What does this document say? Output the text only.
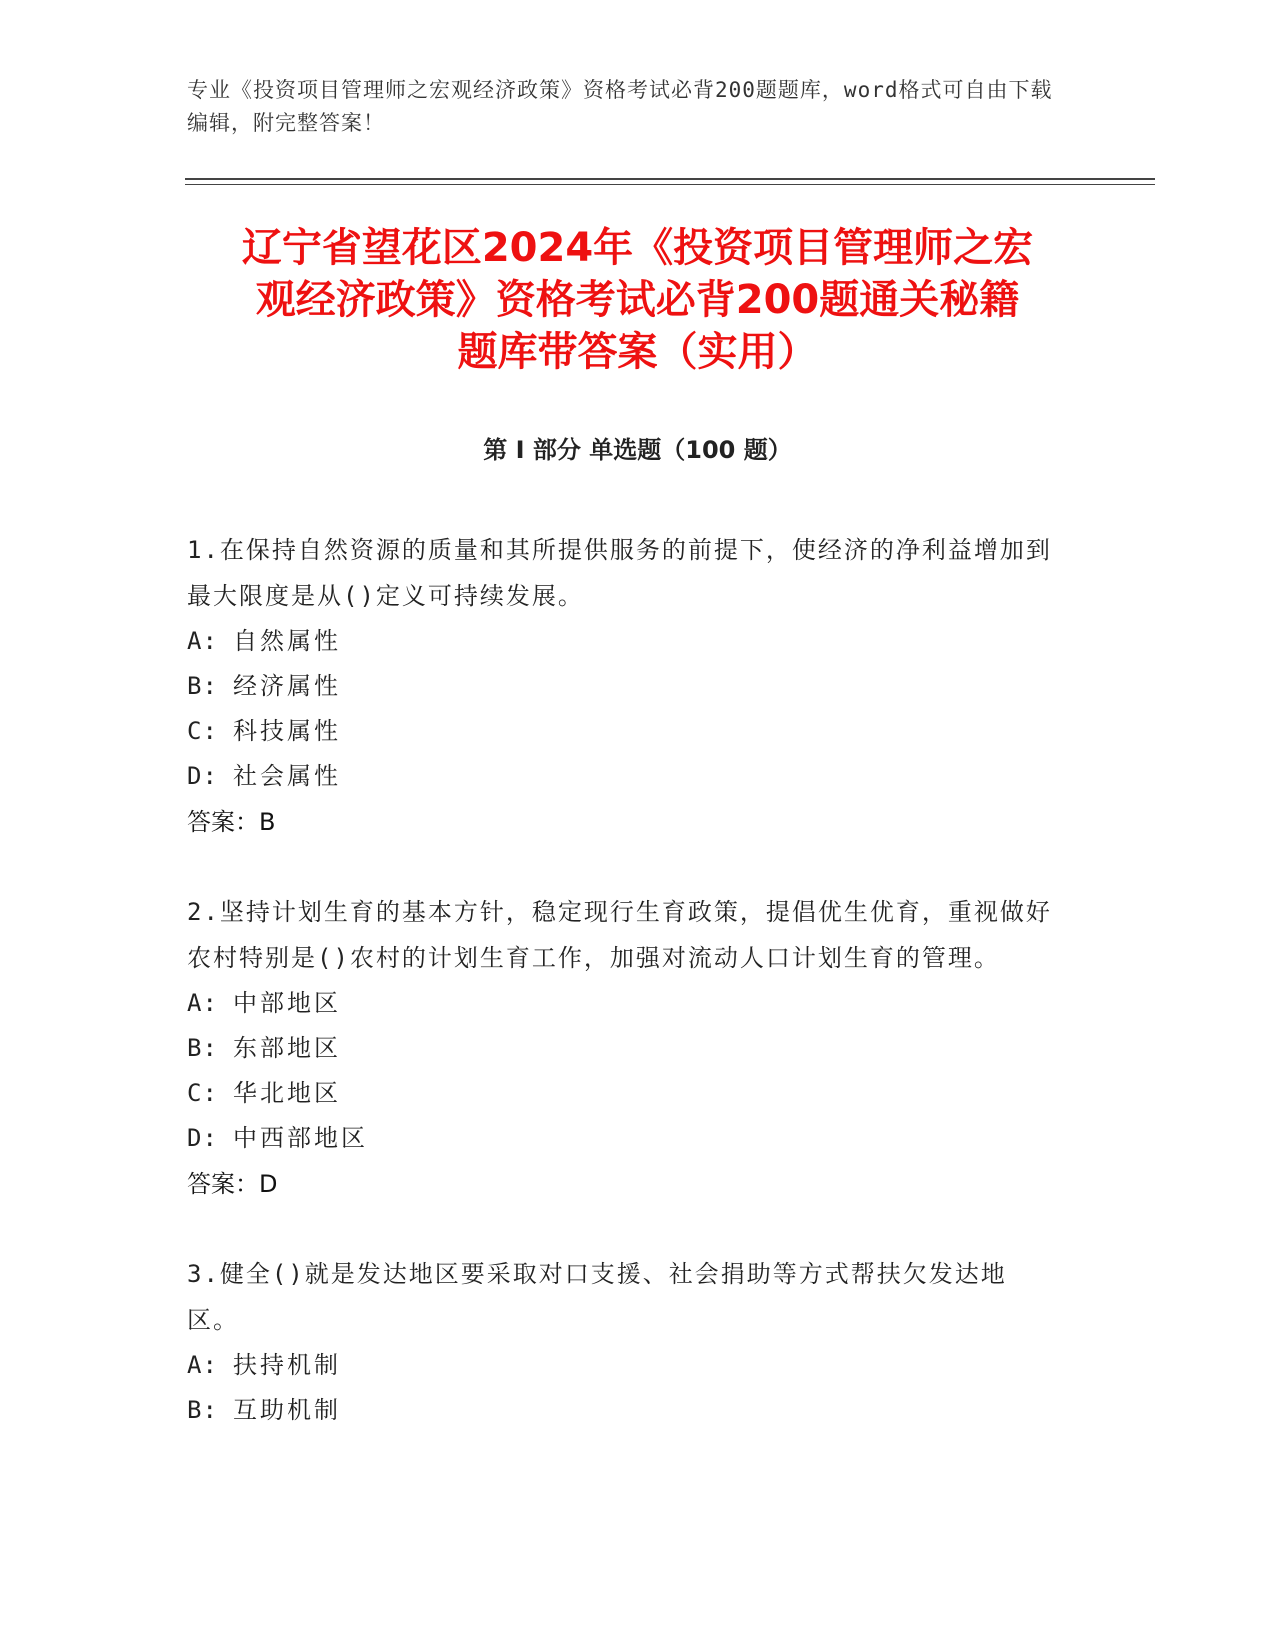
专业《投资项目管理师之宏观经济政策》资格考试必背200题题库，word格式可自由下载编辑，附完整答案！
辽宁省望花区2024年《投资项目管理师之宏
观经济政策》资格考试必背200题通关秘籍
题库带答案（实用）
第 I 部分 单选题（100 题）

1.在保持自然资源的质量和其所提供服务的前提下，使经济的净利益增加到最大限度是从()定义可持续发展。

A: 自然属性
B: 经济属性
C: 科技属性
D: 社会属性
答案：B

2.坚持计划生育的基本方针，稳定现行生育政策，提倡优生优育，重视做好农村特别是()农村的计划生育工作，加强对流动人口计划生育的管理。

A: 中部地区
B: 东部地区
C: 华北地区
D: 中西部地区
答案：D

3.健全()就是发达地区要采取对口支援、社会捐助等方式帮扶欠发达地区。

A: 扶持机制
B: 互助机制
